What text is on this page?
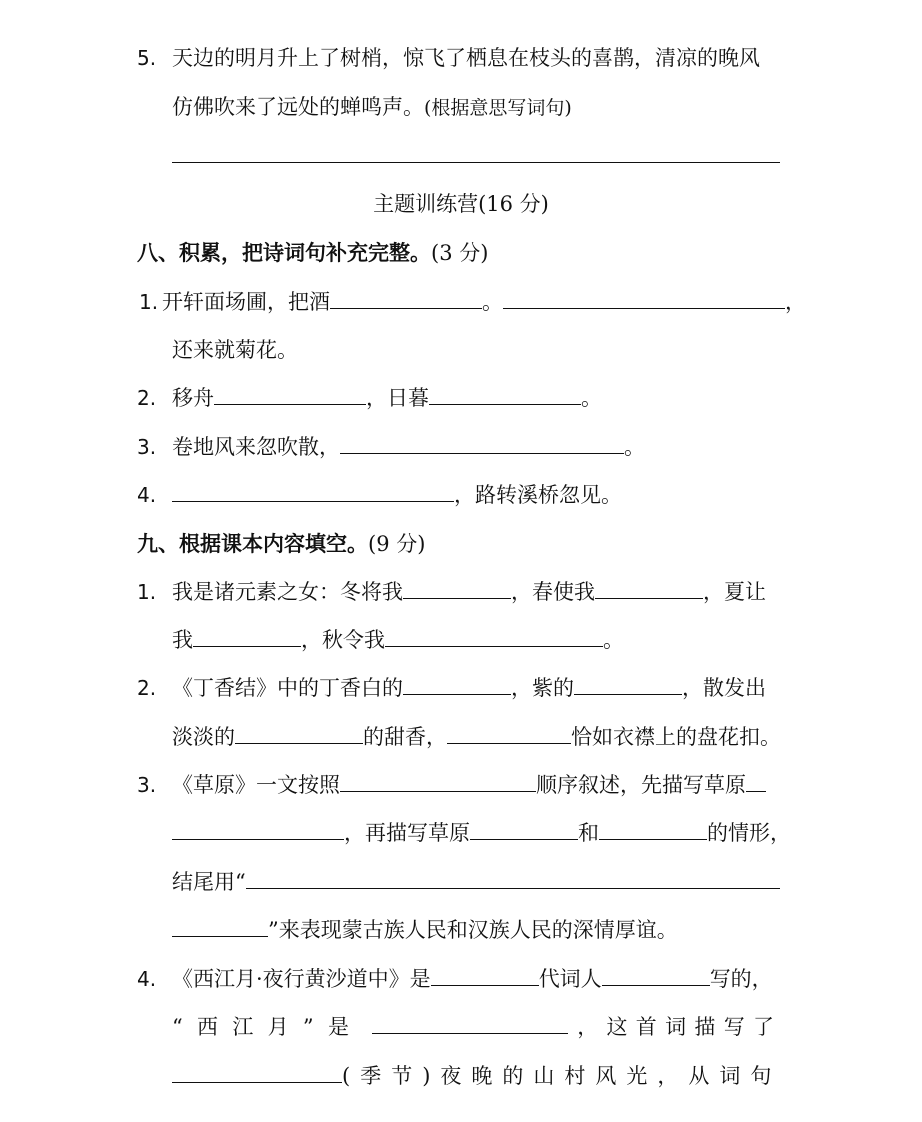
5. 天边的明月升上了树梢，惊飞了栖息在枝头的喜鹊，清凉的晚风
仿佛吹来了远处的蝉鸣声。(根据意思写词句)
主题训练营(16 分)
八、积累，把诗词句补充完整。(3 分)
1. 开轩面场圃，把酒	。	，
还来就菊花。
2. 移舟	，日暮	。
3. 卷地风来忽吹散，	。
4.	，路转溪桥忽见。
九、根据课本内容填空。(9 分)
1. 我是诸元素之女：冬将我	，春使我	，夏让
我	，秋令我	。
2. 《丁香结》中的丁香白的	，紫的	，散发出
淡淡的	的甜香，	恰如衣襟上的盘花扣。
3. 《草原》一文按照	顺序叙述，先描写草原
，再描写草原	和	的情形，
结尾用“
”来表现蒙古族人民和汉族人民的深情厚谊。
4. 《西江月·夜行黄沙道中》是	代词人	写的，
“西江月”是	，这首词描写了
(季节)夜晚的山村风光，从词句
